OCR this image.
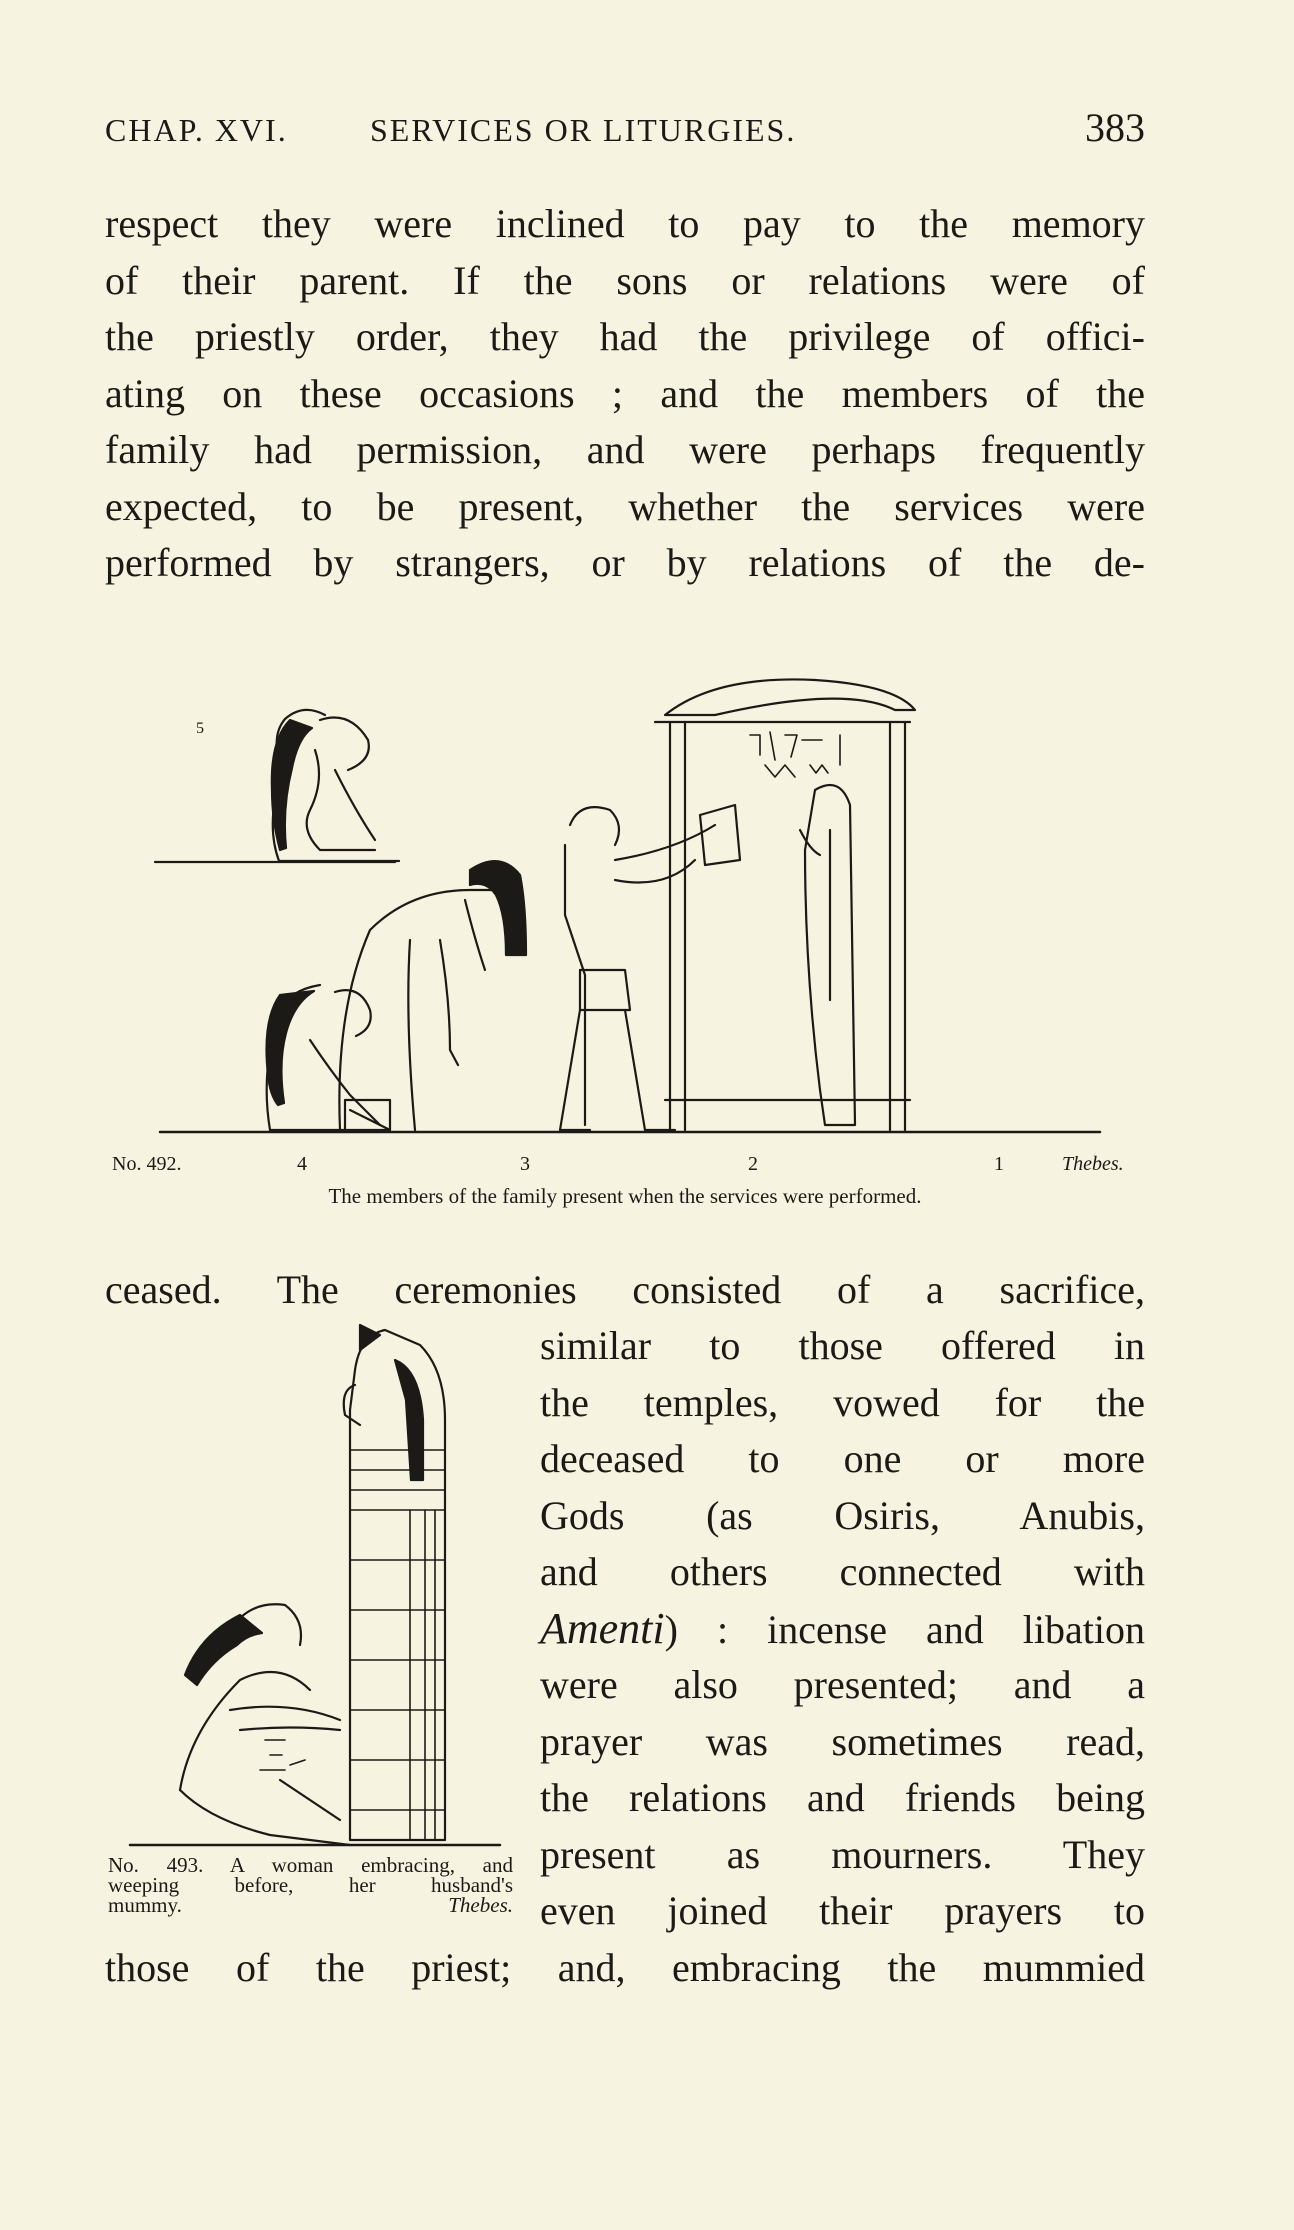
CHAP. XVI.	SERVICES OR LITURGIES.	383
respect they were inclined to pay to the memory
of their parent. If the sons or relations were of
the priestly order, they had the privilege of offici-
ating on these occasions ; and the members of the
family had permission, and were perhaps frequently
expected, to be present, whether the services were
performed by strangers, or by relations of the de-
No. 492.	4	3	2	1	Thebes.
5
The members of the family present when the services were performed.
ceased. The ceremonies consisted of a sacrifice,
similar to those offered in
the temples, vowed for the
deceased to one or more
Gods (as Osiris, Anubis,
and others connected with
Amenti) : incense and libation
were also presented; and a
prayer was sometimes read,
the relations and friends being
present as mourners. They
even joined their prayers to
No. 493. A woman embracing, and
weeping before, her husband's
mummy.	Thebes.
those of the priest; and, embracing the mummied
